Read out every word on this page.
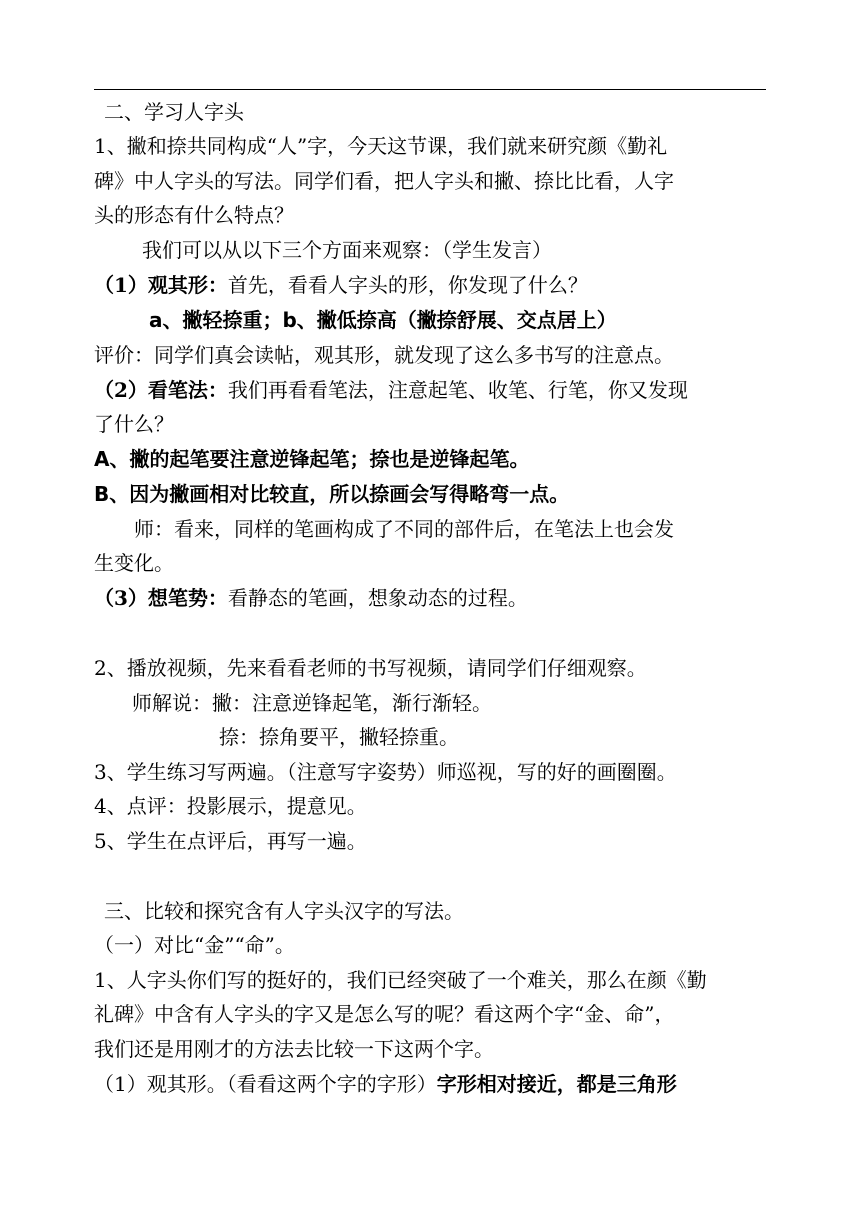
二、学习人字头
1、撇和捺共同构成“人”字，今天这节课，我们就来研究颜《勤礼
碑》中人字头的写法。同学们看，把人字头和撇、捺比比看，人字
头的形态有什么特点？
我们可以从以下三个方面来观察：（学生发言）
（1）观其形：首先，看看人字头的形，你发现了什么？
a、撇轻捺重；b、撇低捺高（撇捺舒展、交点居上）
评价：同学们真会读帖，观其形，就发现了这么多书写的注意点。
（2）看笔法：我们再看看笔法，注意起笔、收笔、行笔，你又发现
了什么？
A、撇的起笔要注意逆锋起笔；捺也是逆锋起笔。
B、因为撇画相对比较直，所以捺画会写得略弯一点。
师：看来，同样的笔画构成了不同的部件后，在笔法上也会发
生变化。
（3）想笔势：看静态的笔画，想象动态的过程。
2、播放视频，先来看看老师的书写视频，请同学们仔细观察。
师解说：撇：注意逆锋起笔，渐行渐轻。
捺：捺角要平，撇轻捺重。
3、学生练习写两遍。（注意写字姿势）师巡视，写的好的画圈圈。
4、点评：投影展示，提意见。
5、学生在点评后，再写一遍。
三、比较和探究含有人字头汉字的写法。
（一）对比“金”“命”。
1、人字头你们写的挺好的，我们已经突破了一个难关，那么在颜《勤
礼碑》中含有人字头的字又是怎么写的呢？看这两个字“金、命”，
我们还是用刚才的方法去比较一下这两个字。
（1）观其形。（看看这两个字的字形）字形相对接近，都是三角形
